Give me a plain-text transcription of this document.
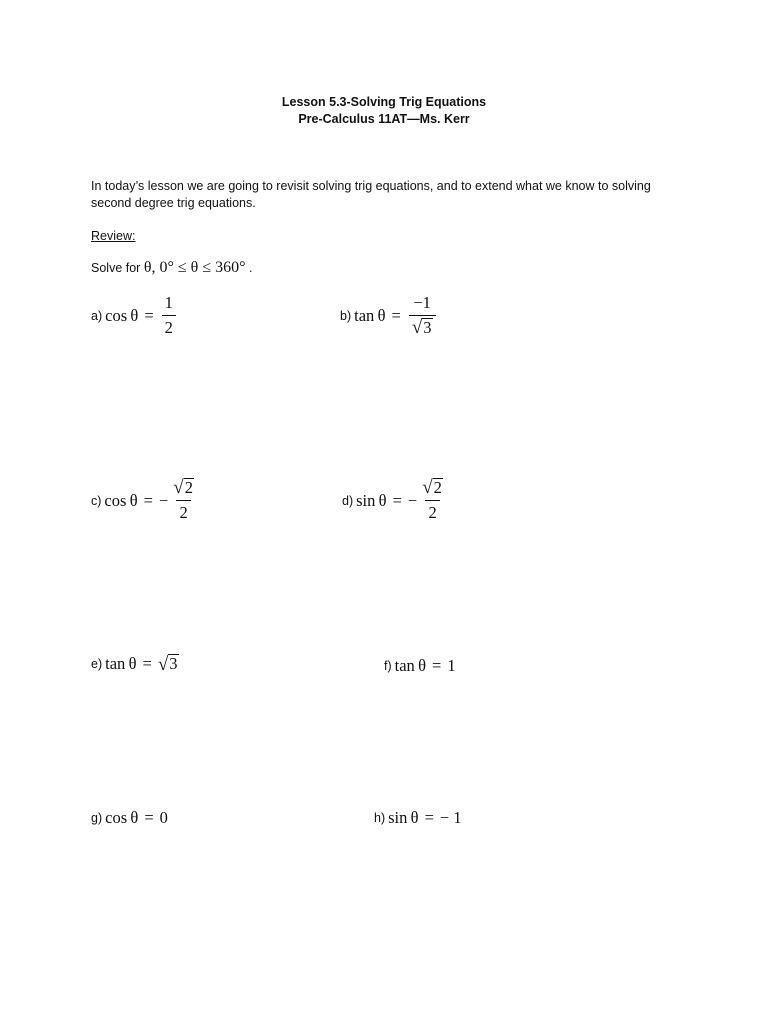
Lesson 5.3-Solving Trig Equations
Pre-Calculus 11AT—Ms. Kerr
In today’s lesson we are going to revisit solving trig equations, and to extend what we know to solving second degree trig equations.
Review:
Solve for θ, 0° ≤ θ ≤ 360° .
a) $\cos \theta = \frac{1}{2}$	b) $\tan \theta = \frac{-1}{√ 3}$
c) cos θ = − $\frac{√ 2}{2}$	d) sin θ = − $\frac{√ 2}{2}$
e) tan θ = √ 3	f) tan θ = 1
g) cos θ = 0	h) sin θ = − 1
